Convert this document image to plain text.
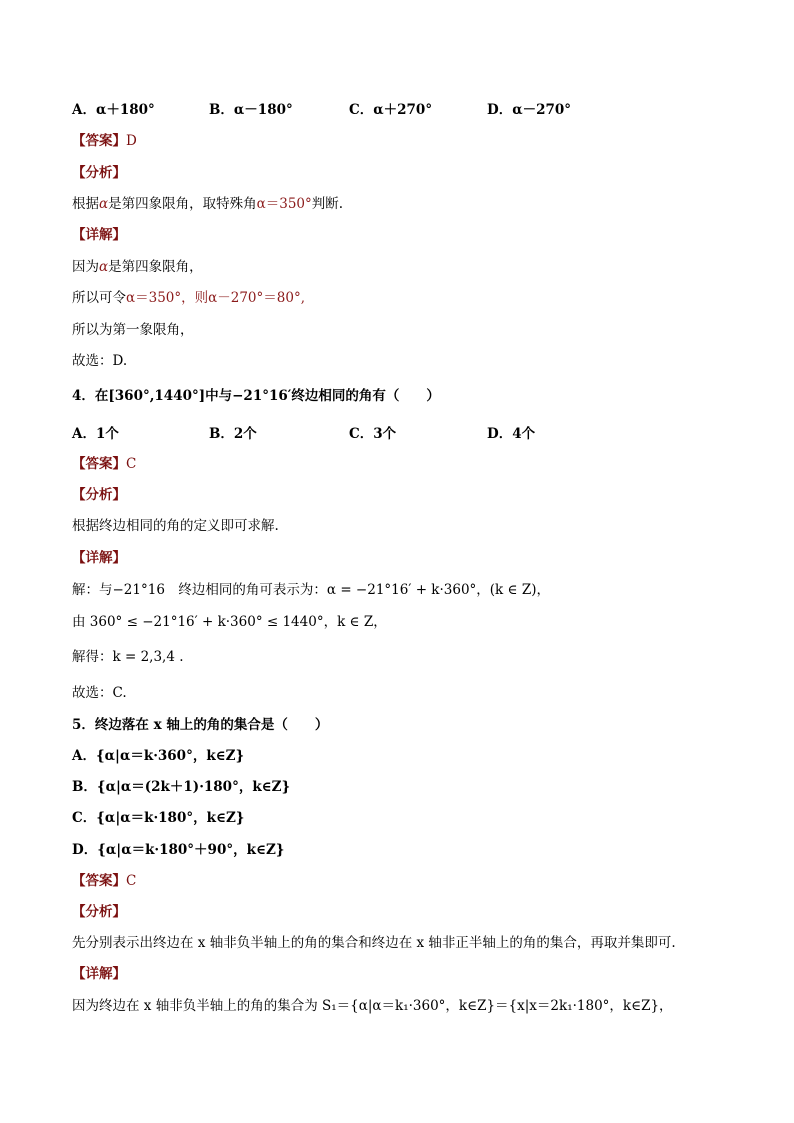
A．α＋180°	B．α－180°	C．α＋270°	D．α－270°
【答案】D
【分析】
根据α是第四象限角，取特殊角α＝350°判断.
【详解】
因为α是第四象限角，
所以可令α＝350°，则α－270°＝80°,
所以为第一象限角，
故选：D.
4．在[360°,1440°]中与−21°16′终边相同的角有（　　）
A．1个	B．2个	C．3个	D．4个
【答案】C
【分析】
根据终边相同的角的定义即可求解.
【详解】
解：与−21°16　终边相同的角可表示为：α = −21°16′ + k·360°，(k ∈ Z)，
由 360° ≤ −21°16′ + k·360° ≤ 1440°，k ∈ Z，
解得：k = 2,3,4 .
故选：C.
5．终边落在 x 轴上的角的集合是（　　）
A．{α|α＝k·360°，k∈Z}
B．{α|α＝(2k＋1)·180°，k∈Z}
C．{α|α＝k·180°，k∈Z}
D．{α|α＝k·180°＋90°，k∈Z}
【答案】C
【分析】
先分别表示出终边在 x 轴非负半轴上的角的集合和终边在 x 轴非正半轴上的角的集合，再取并集即可.
【详解】
因为终边在 x 轴非负半轴上的角的集合为 S₁＝{α|α＝k₁·360°，k∈Z}＝{x|x＝2k₁·180°，k∈Z}，
